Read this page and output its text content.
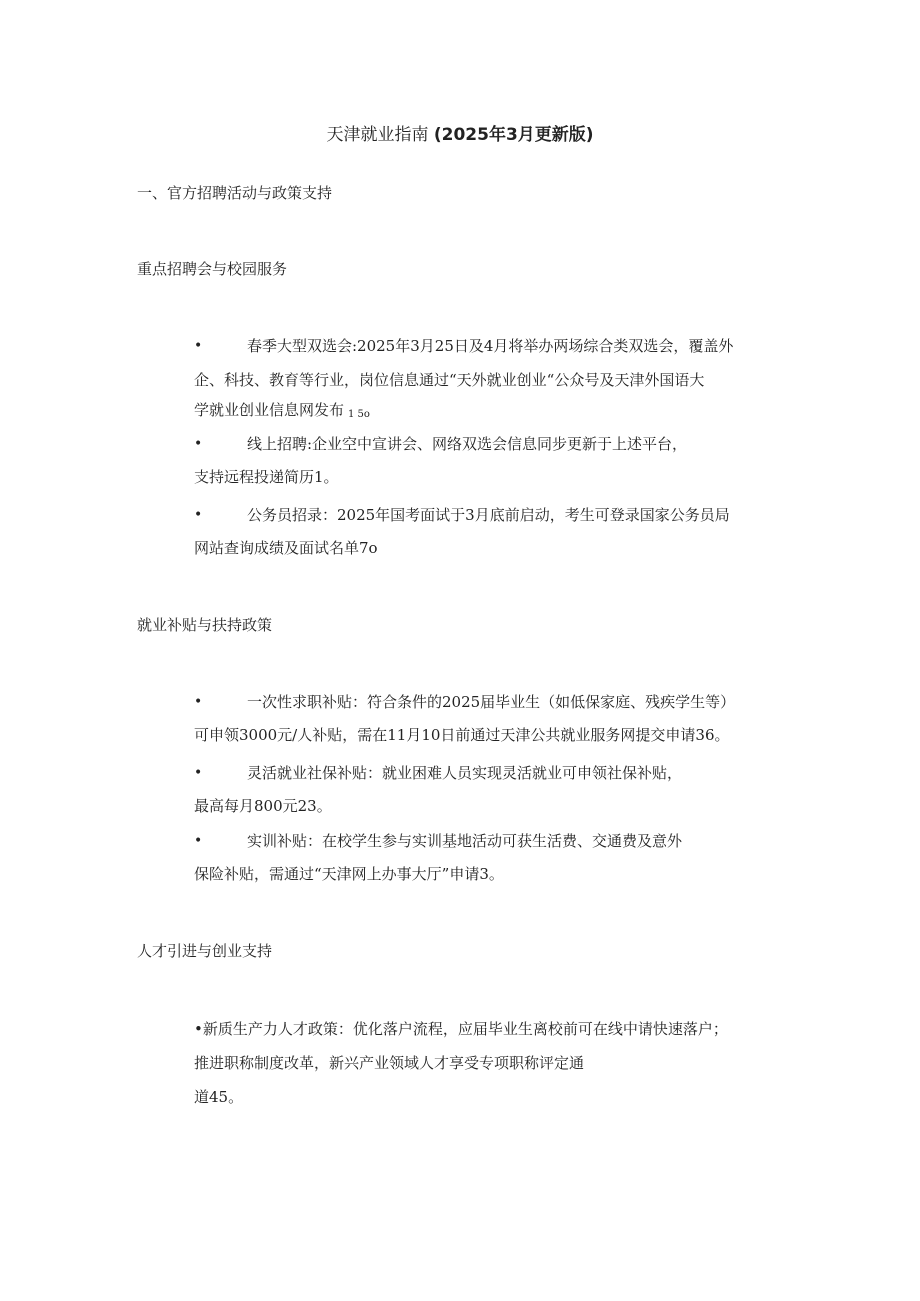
天津就业指南 (2025年3月更新版)
一、官方招聘活动与政策支持
重点招聘会与校园服务
•	春季大型双选会:2025年3月25日及4月将举办两场综合类双选会，覆盖外
企、科技、教育等行业，岗位信息通过“天外就业创业“公众号及天津外国语大
学就业创业信息网发布 1 5o
•	线上招聘:企业空中宣讲会、网络双选会信息同步更新于上述平台，
支持远程投递简历1。
•	公务员招录：2025年国考面试于3月底前启动，考生可登录国家公务员局
网站查询成绩及面试名单7o
就业补贴与扶持政策
•	一次性求职补贴：符合条件的2025届毕业生（如低保家庭、残疾学生等）
可申领3000元/人补贴，需在11月10日前通过天津公共就业服务网提交申请36。
•	灵活就业社保补贴：就业困难人员实现灵活就业可申领社保补贴，
最高每月800元23。
•	实训补贴：在校学生参与实训基地活动可获生活费、交通费及意外
保险补贴，需通过“天津网上办事大厅”申请3。
人才引进与创业支持
•新质生产力人才政策：优化落户流程，应届毕业生离校前可在线中请快速落户；
推进职称制度改革，新兴产业领域人才享受专项职称评定通
道45。
